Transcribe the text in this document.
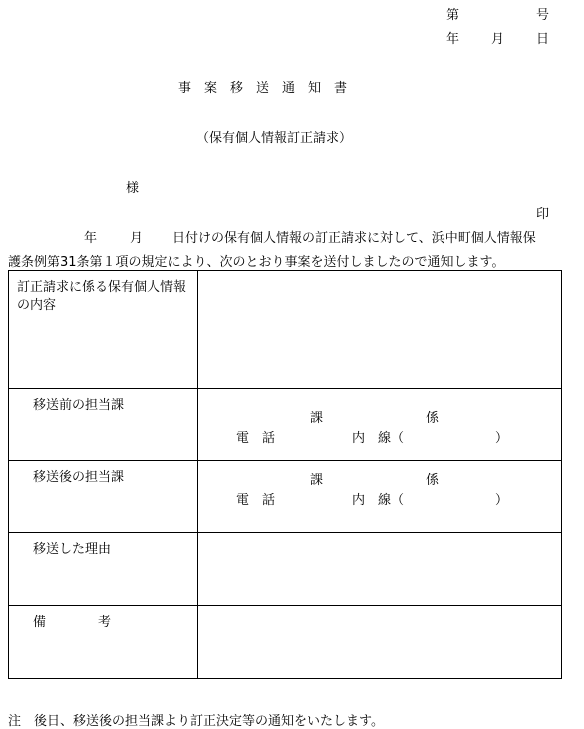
第	号
年 月 日
事　案　移　送　通　知　書
（保有個人情報訂正請求）
様
印
年	月 日付けの保有個人情報の訂正請求に対して、浜中町個人情報保
護条例第31条第１項の規定により、次のとおり事案を送付しましたので通知します。
訂正請求に係る保有個人情報の内容	

移送前の担当課	課 係
電　話 内　線（　　　　　　　）

移送後の担当課	課 係
電　話 内　線（　　　　　　　）

移送した理由	

備　　　　考	

注　後日、移送後の担当課より訂正決定等の通知をいたします。
